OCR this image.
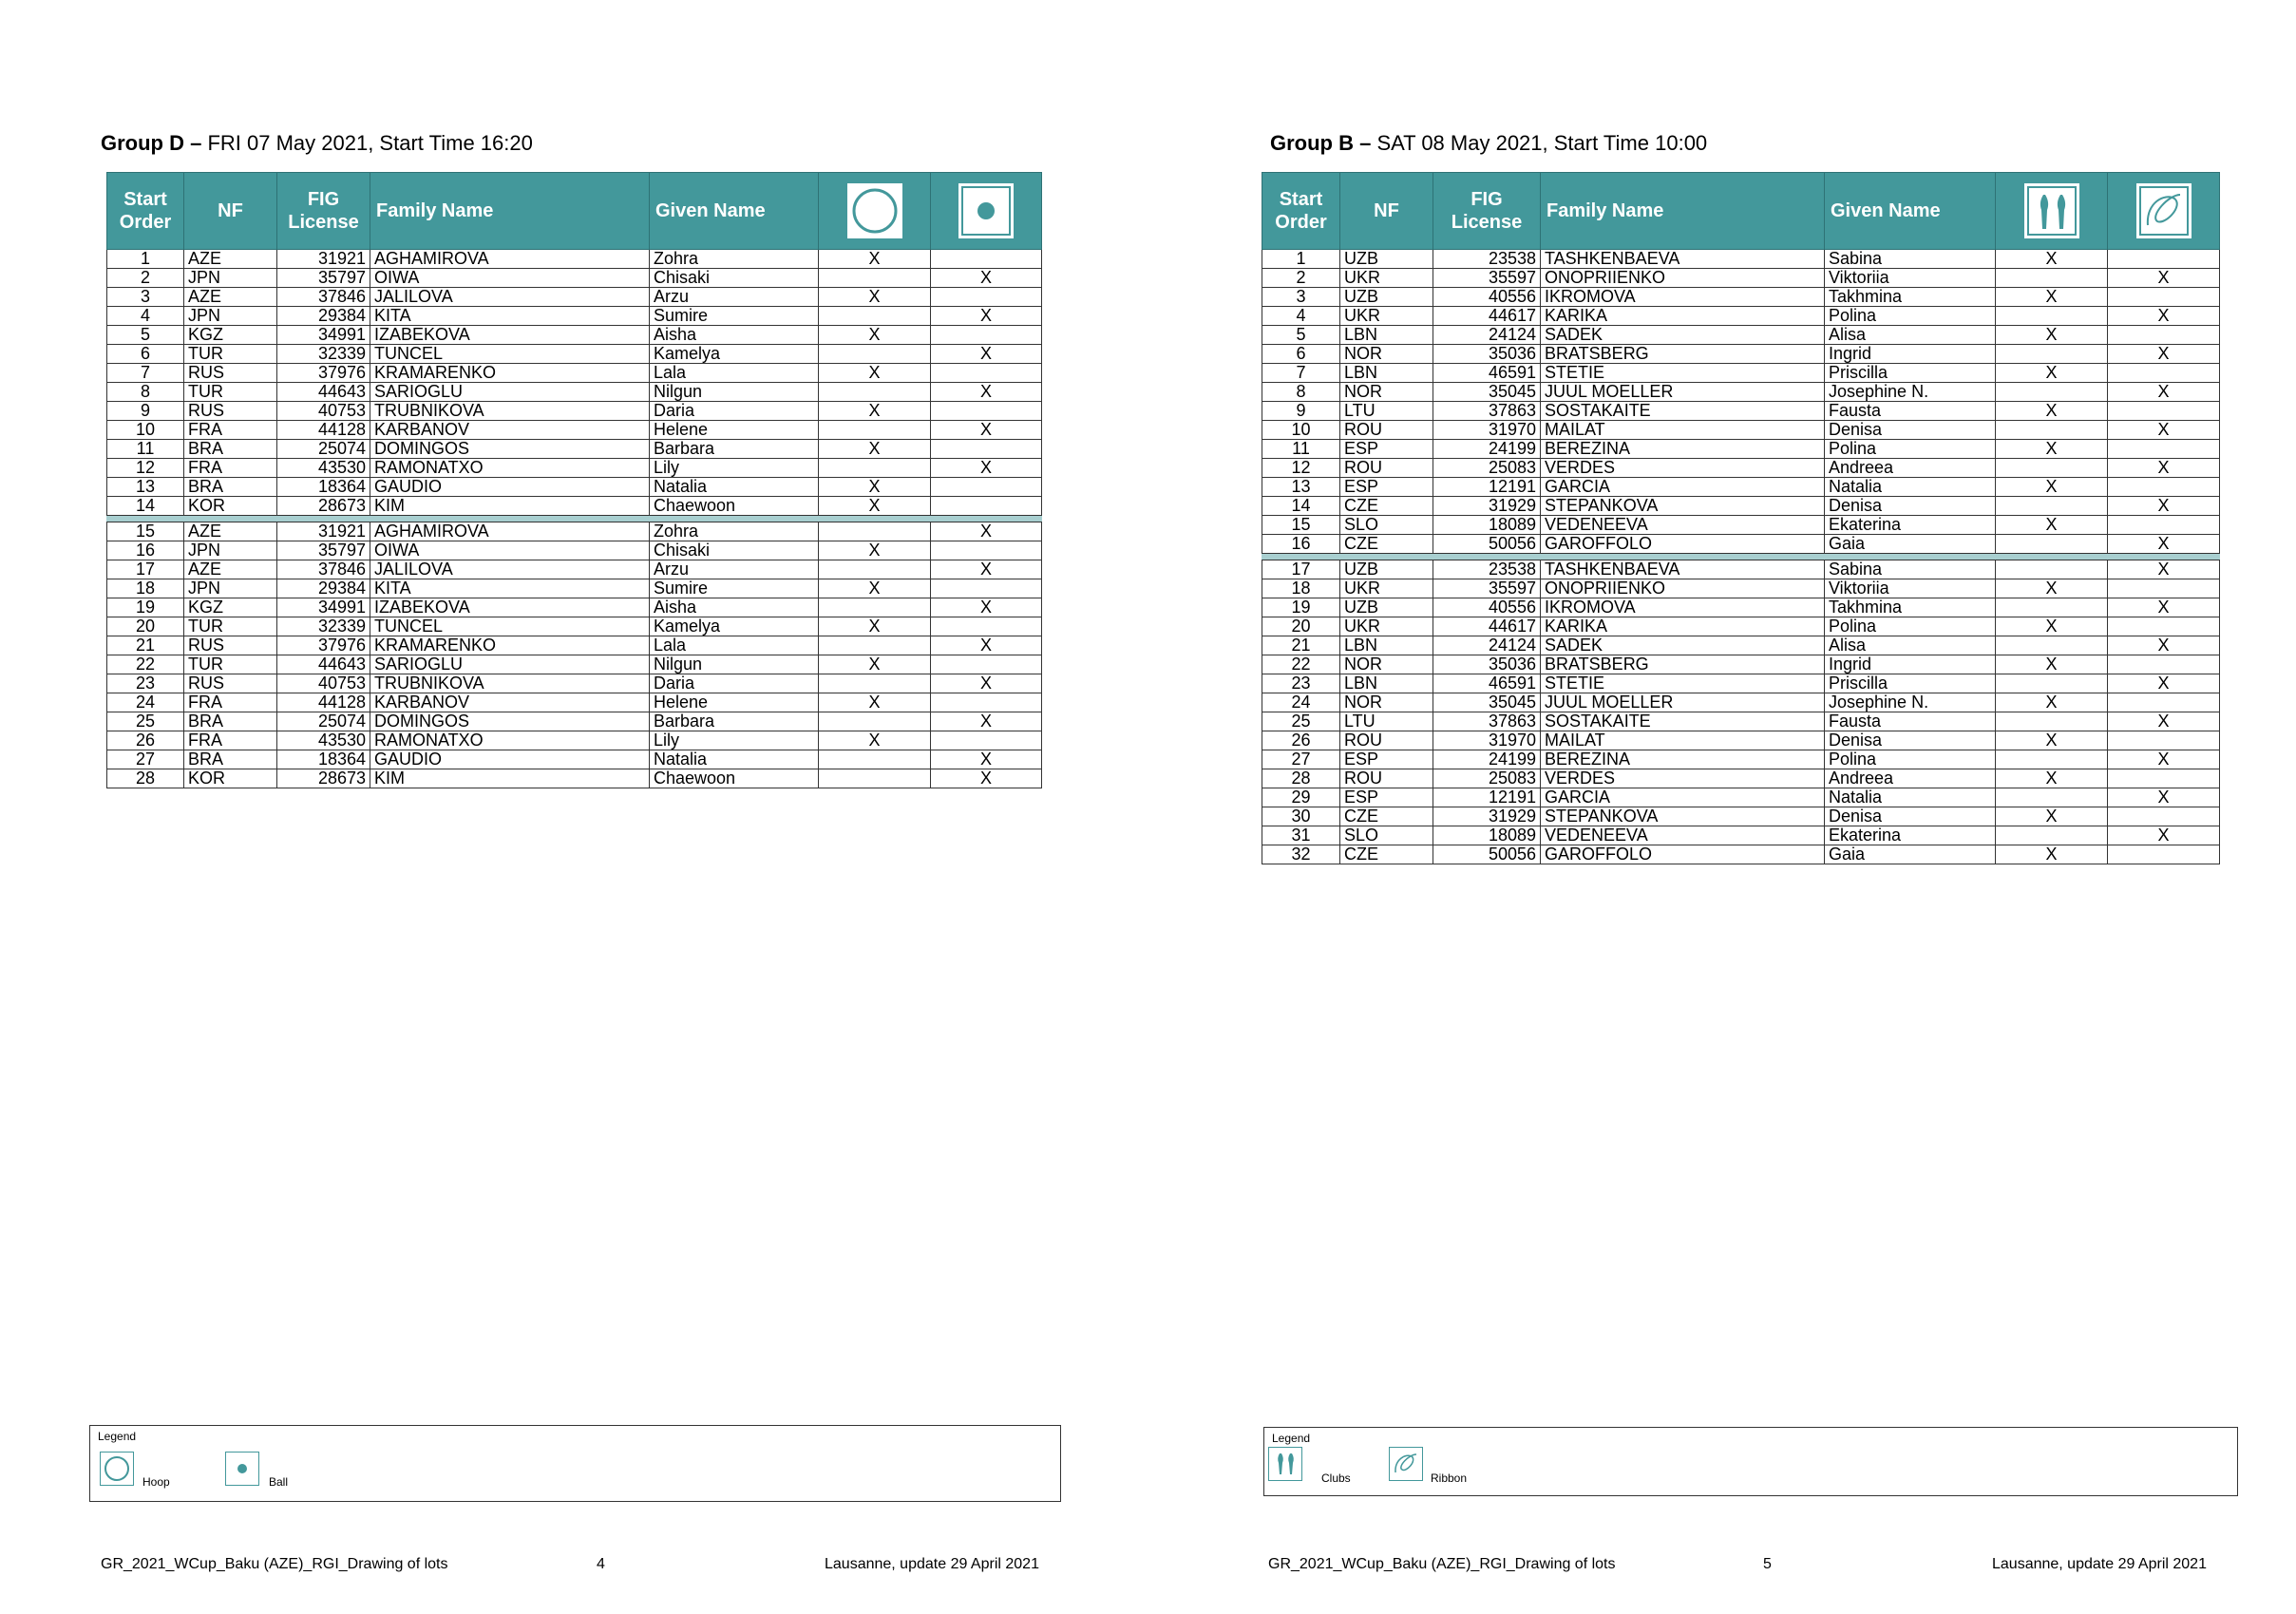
Group D – FRI 07 May 2021, Start Time 16:20
Start Order	NF	FIG License	Family Name	Given Name	

1	AZE	31921	AGHAMIROVA	Zohra	X	
2	JPN	35797	OIWA	Chisaki		X
3	AZE	37846	JALILOVA	Arzu	X	
4	JPN	29384	KITA	Sumire		X
5	KGZ	34991	IZABEKOVA	Aisha	X	
6	TUR	32339	TUNCEL	Kamelya		X
7	RUS	37976	KRAMARENKO	Lala	X	
8	TUR	44643	SARIOGLU	Nilgun		X
9	RUS	40753	TRUBNIKOVA	Daria	X	
10	FRA	44128	KARBANOV	Helene		X
11	BRA	25074	DOMINGOS	Barbara	X	
12	FRA	43530	RAMONATXO	Lily		X
13	BRA	18364	GAUDIO	Natalia	X	
14	KOR	28673	KIM	Chaewoon	X	

15	AZE	31921	AGHAMIROVA	Zohra		X
16	JPN	35797	OIWA	Chisaki	X	
17	AZE	37846	JALILOVA	Arzu		X
18	JPN	29384	KITA	Sumire	X	
19	KGZ	34991	IZABEKOVA	Aisha		X
20	TUR	32339	TUNCEL	Kamelya	X	
21	RUS	37976	KRAMARENKO	Lala		X
22	TUR	44643	SARIOGLU	Nilgun	X	
23	RUS	40753	TRUBNIKOVA	Daria		X
24	FRA	44128	KARBANOV	Helene	X	
25	BRA	25074	DOMINGOS	Barbara		X
26	FRA	43530	RAMONATXO	Lily	X	
27	BRA	18364	GAUDIO	Natalia		X
28	KOR	28673	KIM	Chaewoon		X
Legend
Hoop	Ball
GR_2021_WCup_Baku (AZE)_RGI_Drawing of lots	4	Lausanne, update 29 April 2021
Group B – SAT 08 May 2021, Start Time 10:00
Start Order	NF	FIG License	Family Name	Given Name	

1	UZB	23538	TASHKENBAEVA	Sabina	X	
2	UKR	35597	ONOPRIIENKO	Viktoriia		X
3	UZB	40556	IKROMOVA	Takhmina	X	
4	UKR	44617	KARIKA	Polina		X
5	LBN	24124	SADEK	Alisa	X	
6	NOR	35036	BRATSBERG	Ingrid		X
7	LBN	46591	STETIE	Priscilla	X	
8	NOR	35045	JUUL MOELLER	Josephine N.		X
9	LTU	37863	SOSTAKAITE	Fausta	X	
10	ROU	31970	MAILAT	Denisa		X
11	ESP	24199	BEREZINA	Polina	X	
12	ROU	25083	VERDES	Andreea		X
13	ESP	12191	GARCIA	Natalia	X	
14	CZE	31929	STEPANKOVA	Denisa		X
15	SLO	18089	VEDENEEVA	Ekaterina	X	
16	CZE	50056	GAROFFOLO	Gaia		X

17	UZB	23538	TASHKENBAEVA	Sabina		X
18	UKR	35597	ONOPRIIENKO	Viktoriia	X	
19	UZB	40556	IKROMOVA	Takhmina		X
20	UKR	44617	KARIKA	Polina	X	
21	LBN	24124	SADEK	Alisa		X
22	NOR	35036	BRATSBERG	Ingrid	X	
23	LBN	46591	STETIE	Priscilla		X
24	NOR	35045	JUUL MOELLER	Josephine N.	X	
25	LTU	37863	SOSTAKAITE	Fausta		X
26	ROU	31970	MAILAT	Denisa	X	
27	ESP	24199	BEREZINA	Polina		X
28	ROU	25083	VERDES	Andreea	X	
29	ESP	12191	GARCIA	Natalia		X
30	CZE	31929	STEPANKOVA	Denisa	X	
31	SLO	18089	VEDENEEVA	Ekaterina		X
32	CZE	50056	GAROFFOLO	Gaia	X	
Legend
Clubs	Ribbon
GR_2021_WCup_Baku (AZE)_RGI_Drawing of lots	5	Lausanne, update 29 April 2021
